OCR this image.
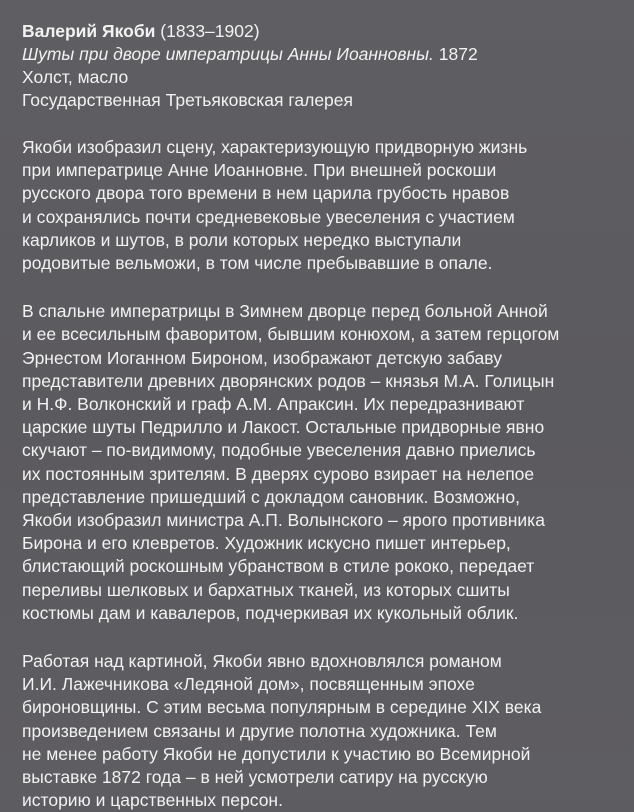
Валерий Якоби (1833–1902)
Шуты при дворе императрицы Анны Иоанновны. 1872
Холст, масло
Государственная Третьяковская галерея
Якоби изобразил сцену, характеризующую придворную жизнь
при императрице Анне Иоанновне. При внешней роскоши
русского двора того времени в нем царила грубость нравов
и сохранялись почти средневековые увеселения с участием
карликов и шутов, в роли которых нередко выступали
родовитые вельможи, в том числе пребывавшие в опале.
В спальне императрицы в Зимнем дворце перед больной Анной
и ее всесильным фаворитом, бывшим конюхом, а затем герцогом
Эрнестом Иоганном Бироном, изображают детскую забаву
представители древних дворянских родов – князья М.А. Голицын
и Н.Ф. Волконский и граф А.М. Апраксин. Их передразнивают
царские шуты Педрилло и Лакост. Остальные придворные явно
скучают – по-видимому, подобные увеселения давно приелись
их постоянным зрителям. В дверях сурово взирает на нелепое
представление пришедший с докладом сановник. Возможно,
Якоби изобразил министра А.П. Волынского – ярого противника
Бирона и его клевретов. Художник искусно пишет интерьер,
блистающий роскошным убранством в стиле рококо, передает
переливы шелковых и бархатных тканей, из которых сшиты
костюмы дам и кавалеров, подчеркивая их кукольный облик.
Работая над картиной, Якоби явно вдохновлялся романом
И.И. Лажечникова «Ледяной дом», посвященным эпохе
бироновщины. С этим весьма популярным в середине XIX века
произведением связаны и другие полотна художника. Тем
не менее работу Якоби не допустили к участию во Всемирной
выставке 1872 года – в ней усмотрели сатиру на русскую
историю и царственных персон.
